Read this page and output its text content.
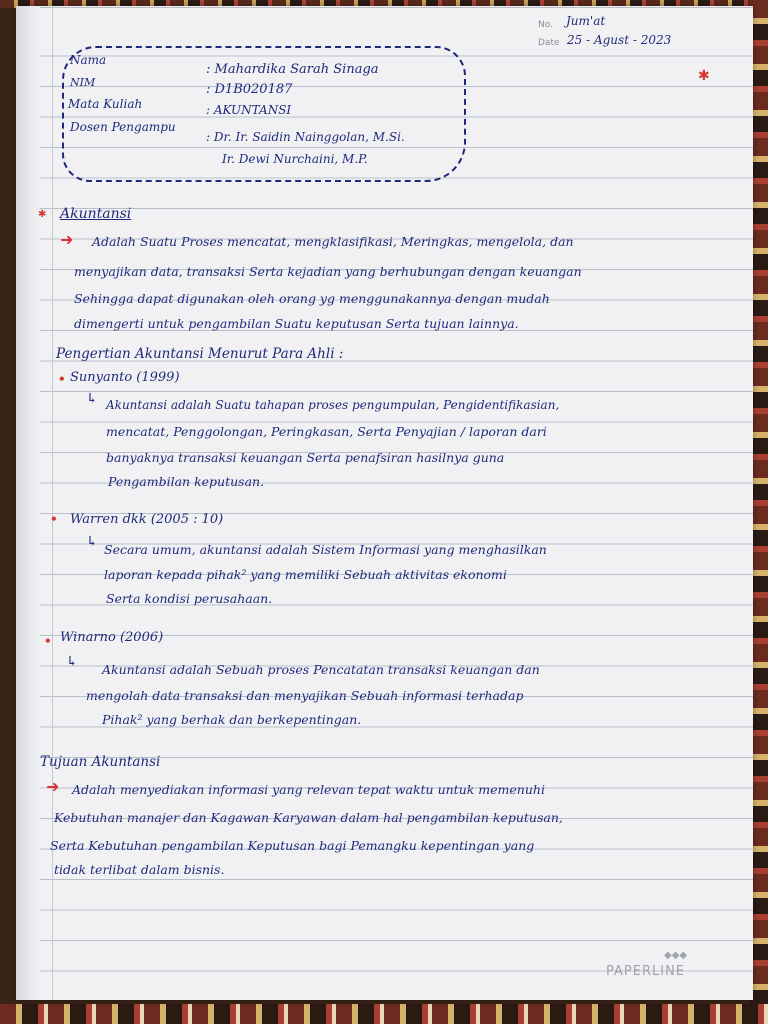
No. Jum'at
Date 25 - Agust - 2023
Nama
: Mahardika Sarah Sinaga
NIM	: D1B020187
Mata Kuliah	: AKUNTANSI
Dosen Pengampu
: Dr. Ir. Saidin Nainggolan, M.Si.
Ir. Dewi Nurchaini, M.P.
✱
✱ Akuntansi
➜ Adalah Suatu Proses mencatat, mengklasifikasi, Meringkas, mengelola, dan
menyajikan data, transaksi Serta kejadian yang berhubungan dengan keuangan
Sehingga dapat digunakan oleh orang yg menggunakannya dengan mudah
dimengerti untuk pengambilan Suatu keputusan Serta tujuan lainnya.
Pengertian Akuntansi Menurut Para Ahli :
• Sunyanto (1999)
↳ Akuntansi adalah Suatu tahapan proses pengumpulan, Pengidentifikasian,
mencatat, Penggolongan, Peringkasan, Serta Penyajian / laporan dari
banyaknya transaksi keuangan Serta penafsiran hasilnya guna
Pengambilan keputusan.
• Warren dkk (2005 : 10)
↳ Secara umum, akuntansi adalah Sistem Informasi yang menghasilkan
laporan kepada pihak² yang memiliki Sebuah aktivitas ekonomi
Serta kondisi perusahaan.
• Winarno (2006)
↳ Akuntansi adalah Sebuah proses Pencatatan transaksi keuangan dan
mengolah data transaksi dan menyajikan Sebuah informasi terhadap
Pihak² yang berhak dan berkepentingan.
Tujuan Akuntansi
➜ Adalah menyediakan informasi yang relevan tepat waktu untuk memenuhi
Kebutuhan manajer dan Kagawan Karyawan dalam hal pengambilan keputusan,
Serta Kebutuhan pengambilan Keputusan bagi Pemangku kepentingan yang
tidak terlibat dalam bisnis.
◆◆◆
PAPERLINE
